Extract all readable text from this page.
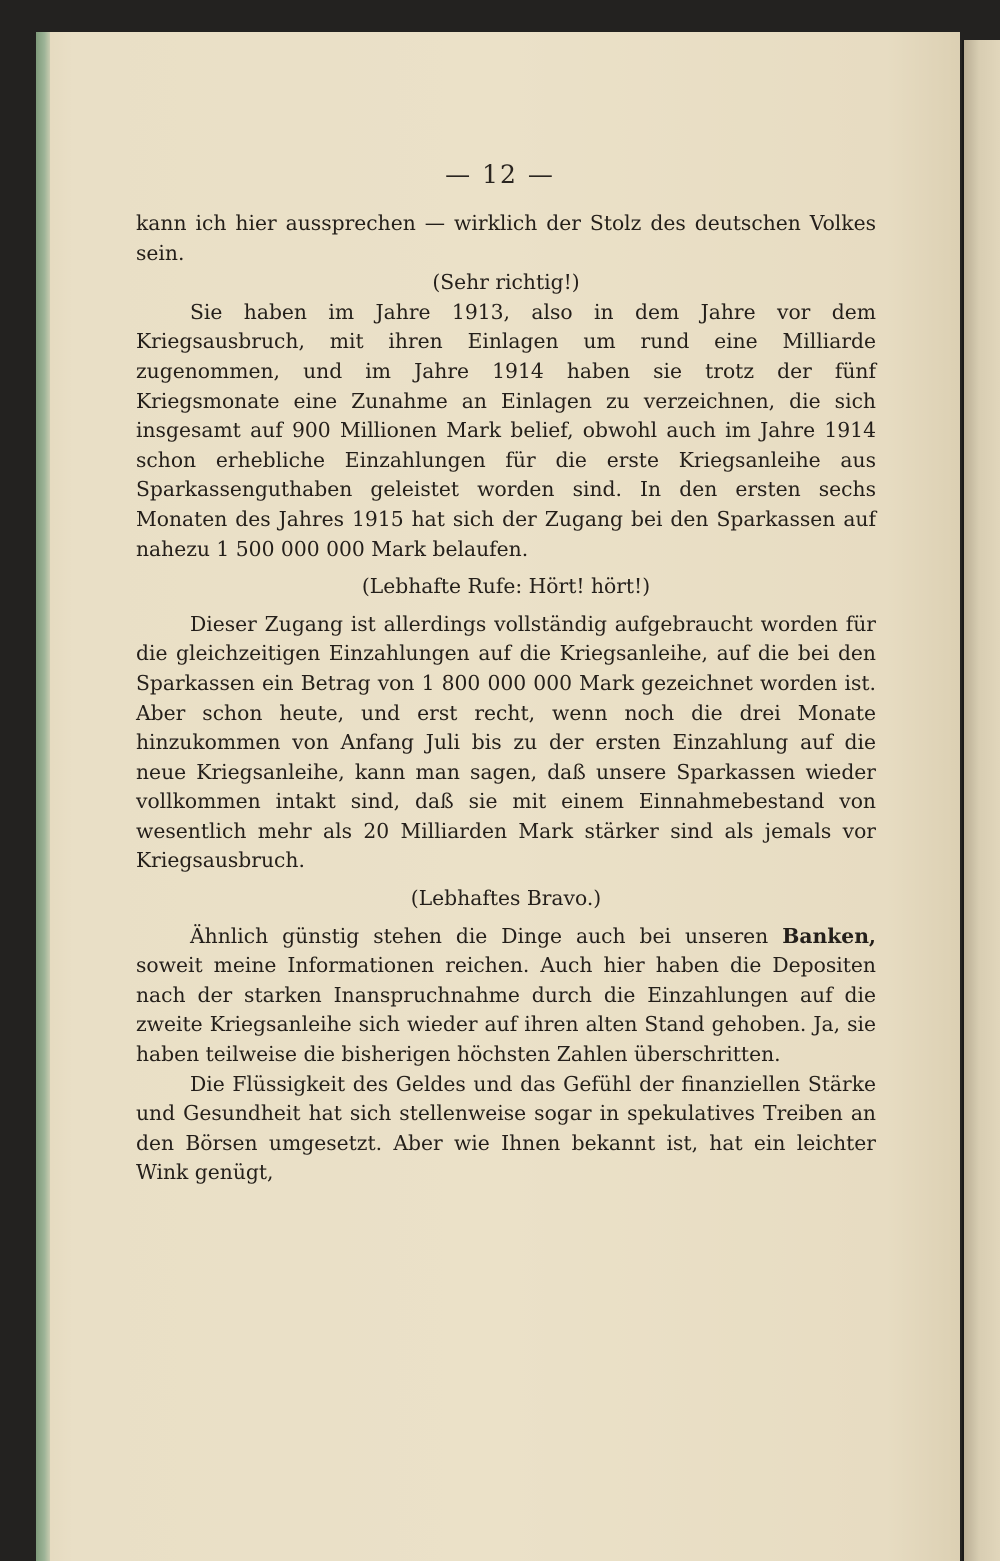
— 12 —

kann ich hier aussprechen — wirklich der Stolz des deutschen Volkes sein.

(Sehr richtig!)

Sie haben im Jahre 1913, also in dem Jahre vor dem Kriegsausbruch, mit ihren Einlagen um rund eine Milliarde zugenommen, und im Jahre 1914 haben sie trotz der fünf Kriegsmonate eine Zunahme an Einlagen zu verzeichnen, die sich insgesamt auf 900 Millionen Mark belief, obwohl auch im Jahre 1914 schon erhebliche Einzahlungen für die erste Kriegsanleihe aus Sparkassenguthaben geleistet worden sind. In den ersten sechs Monaten des Jahres 1915 hat sich der Zugang bei den Sparkassen auf nahezu 1 500 000 000 Mark belaufen.

(Lebhafte Rufe: Hört! hört!)

Dieser Zugang ist allerdings vollständig aufgebraucht worden für die gleichzeitigen Einzahlungen auf die Kriegsanleihe, auf die bei den Sparkassen ein Betrag von 1 800 000 000 Mark gezeichnet worden ist. Aber schon heute, und erst recht, wenn noch die drei Monate hinzukommen von Anfang Juli bis zu der ersten Einzahlung auf die neue Kriegsanleihe, kann man sagen, daß unsere Sparkassen wieder vollkommen intakt sind, daß sie mit einem Einnahmebestand von wesentlich mehr als 20 Milliarden Mark stärker sind als jemals vor Kriegsausbruch.

(Lebhaftes Bravo.)

Ähnlich günstig stehen die Dinge auch bei unseren Banken, soweit meine Informationen reichen. Auch hier haben die Depositen nach der starken Inanspruchnahme durch die Einzahlungen auf die zweite Kriegsanleihe sich wieder auf ihren alten Stand gehoben. Ja, sie haben teilweise die bisherigen höchsten Zahlen überschritten.

Die Flüssigkeit des Geldes und das Gefühl der finanziellen Stärke und Gesundheit hat sich stellenweise sogar in spekulatives Treiben an den Börsen umgesetzt. Aber wie Ihnen bekannt ist, hat ein leichter Wink genügt,
